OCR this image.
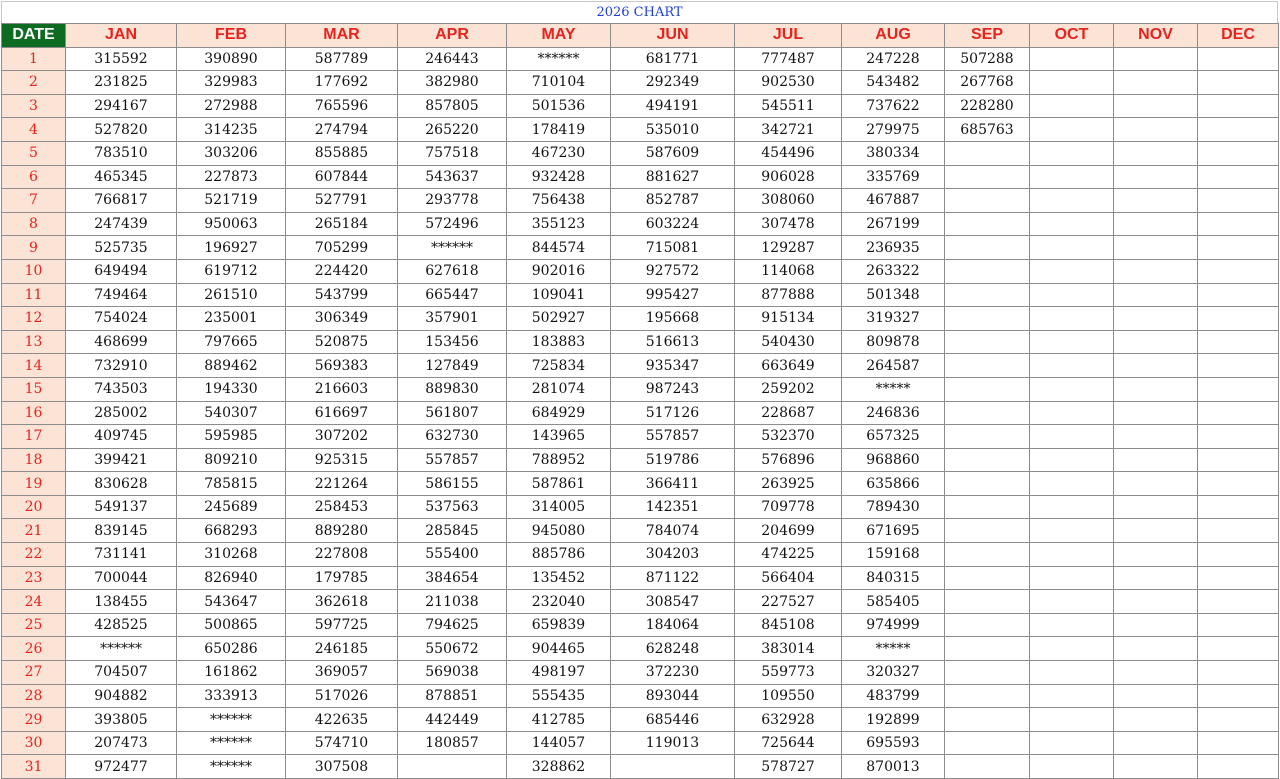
2026 CHART
DATE	JAN	FEB	MAR	APR	MAY	JUN	JUL	AUG	SEP	OCT	NOV	DEC
1	315592	390890	587789	246443	******	681771	777487	247228	507288			
2	231825	329983	177692	382980	710104	292349	902530	543482	267768			
3	294167	272988	765596	857805	501536	494191	545511	737622	228280			
4	527820	314235	274794	265220	178419	535010	342721	279975	685763			
5	783510	303206	855885	757518	467230	587609	454496	380334				
6	465345	227873	607844	543637	932428	881627	906028	335769				
7	766817	521719	527791	293778	756438	852787	308060	467887				
8	247439	950063	265184	572496	355123	603224	307478	267199				
9	525735	196927	705299	******	844574	715081	129287	236935				
10	649494	619712	224420	627618	902016	927572	114068	263322				
11	749464	261510	543799	665447	109041	995427	877888	501348				
12	754024	235001	306349	357901	502927	195668	915134	319327				
13	468699	797665	520875	153456	183883	516613	540430	809878				
14	732910	889462	569383	127849	725834	935347	663649	264587				
15	743503	194330	216603	889830	281074	987243	259202	*****				
16	285002	540307	616697	561807	684929	517126	228687	246836				
17	409745	595985	307202	632730	143965	557857	532370	657325				
18	399421	809210	925315	557857	788952	519786	576896	968860				
19	830628	785815	221264	586155	587861	366411	263925	635866				
20	549137	245689	258453	537563	314005	142351	709778	789430				
21	839145	668293	889280	285845	945080	784074	204699	671695				
22	731141	310268	227808	555400	885786	304203	474225	159168				
23	700044	826940	179785	384654	135452	871122	566404	840315				
24	138455	543647	362618	211038	232040	308547	227527	585405				
25	428525	500865	597725	794625	659839	184064	845108	974999				
26	******	650286	246185	550672	904465	628248	383014	*****				
27	704507	161862	369057	569038	498197	372230	559773	320327				
28	904882	333913	517026	878851	555435	893044	109550	483799				
29	393805	******	422635	442449	412785	685446	632928	192899				
30	207473	******	574710	180857	144057	119013	725644	695593				
31	972477	******	307508		328862		578727	870013				
